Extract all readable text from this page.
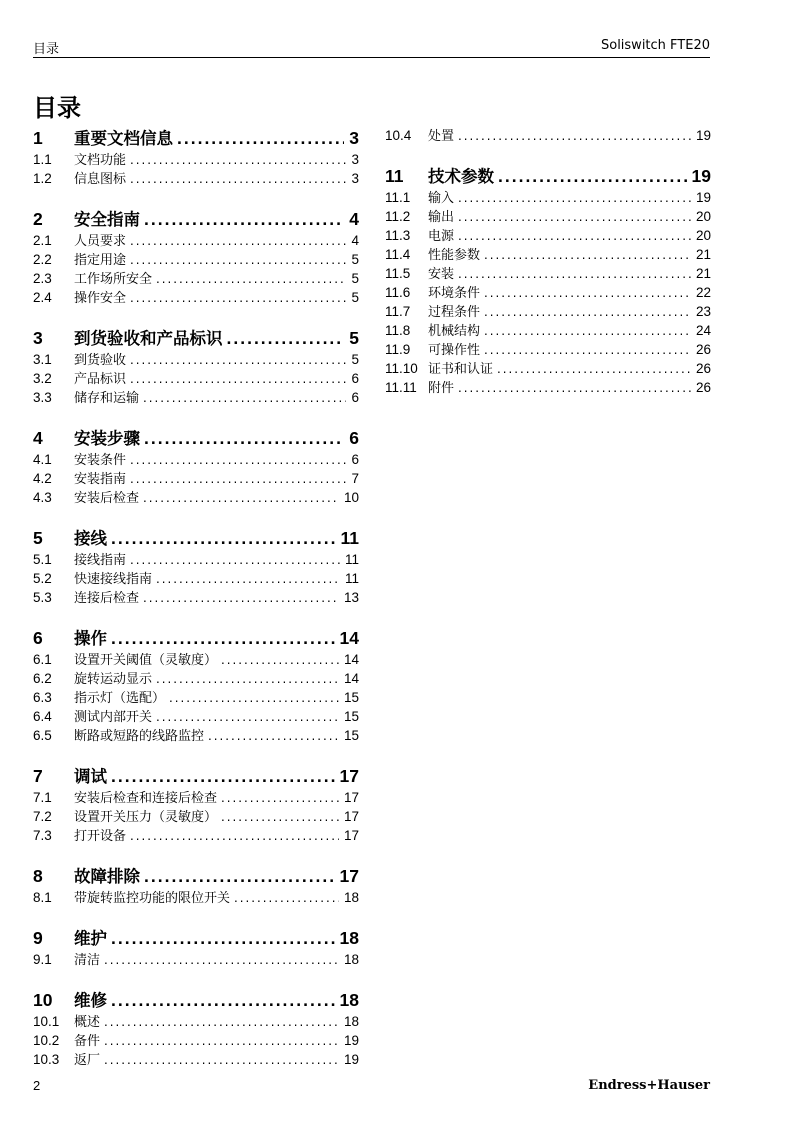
目录	Soliswitch FTE20
目录
1	重要文档信息 .....	3
1.1	文档功能 .....	3
1.2	信息图标 .....	3
2	安全指南 .....	4
2.1	人员要求 .....	4
2.2	指定用途 .....	5
2.3	工作场所安全 .....	5
2.4	操作安全 .....	5
3	到货验收和产品标识 .....	5
3.1	到货验收 .....	5
3.2	产品标识 .....	6
3.3	储存和运输 .....	6
4	安装步骤 .....	6
4.1	安装条件 .....	6
4.2	安装指南 .....	7
4.3	安装后检查 .....	10
5	接线 .....	11
5.1	接线指南 .....	11
5.2	快速接线指南 .....	11
5.3	连接后检查 .....	13
6	操作 .....	14
6.1	设置开关阈值（灵敏度） .....	14
6.2	旋转运动显示 .....	14
6.3	指示灯（选配） .....	15
6.4	测试内部开关 .....	15
6.5	断路或短路的线路监控 .....	15
7	调试 .....	17
7.1	安装后检查和连接后检查 .....	17
7.2	设置开关压力（灵敏度） .....	17
7.3	打开设备 .....	17
8	故障排除 .....	17
8.1	带旋转监控功能的限位开关 .....	18
9	维护 .....	18
9.1	清洁 .....	18
10	维修 .....	18
10.1	概述 .....	18
10.2	备件 .....	19
10.3	返厂 .....	19
10.4	处置 .....	19
11	技术参数 .....	19
11.1	输入 .....	19
11.2	输出 .....	20
11.3	电源 .....	20
11.4	性能参数 .....	21
11.5	安装 .....	21
11.6	环境条件 .....	22
11.7	过程条件 .....	23
11.8	机械结构 .....	24
11.9	可操作性 .....	26
11.10 证书和认证 .....	26
11.11 附件 .....	26
2	Endress+Hauser
